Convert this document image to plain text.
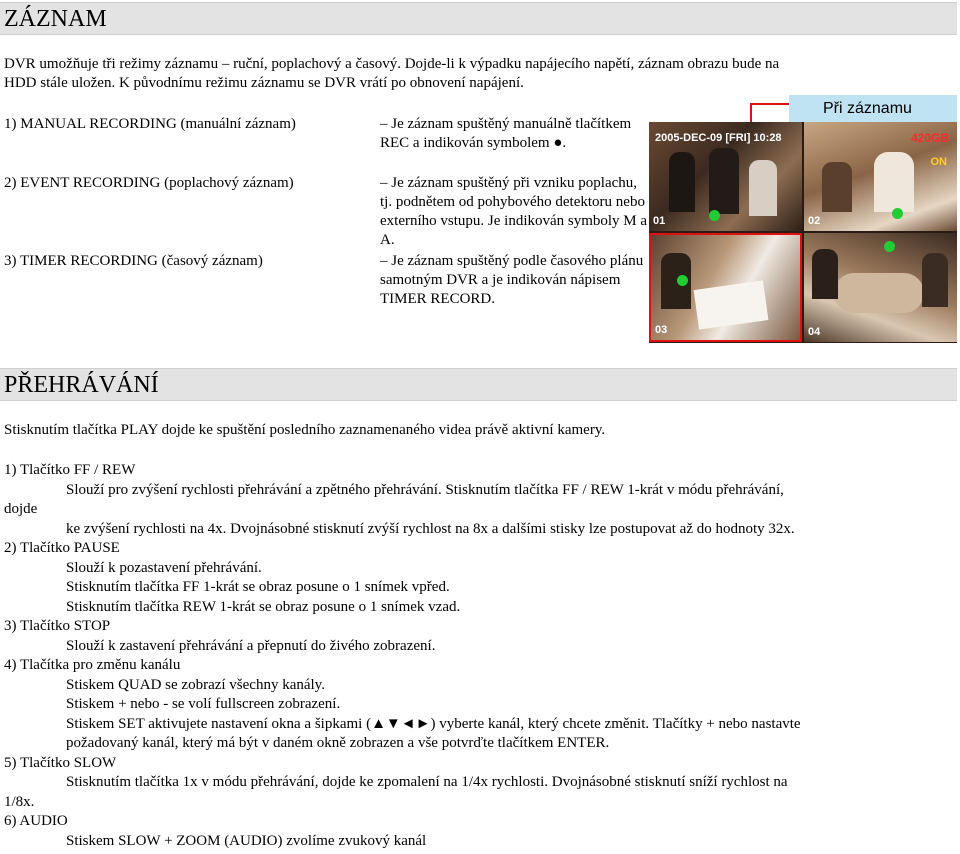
ZÁZNAM
DVR umožňuje tři režimy záznamu – ruční, poplachový a časový. Dojde-li k výpadku napájecího napětí, záznam obrazu bude na
HDD stále uložen. K původnímu režimu záznamu se DVR vrátí po obnovení napájení.
1) MANUAL RECORDING (manuální záznam)	– Je záznam spuštěný manuálně tlačítkem REC a indikován symbolem ●.
2) EVENT RECORDING (poplachový záznam)	– Je záznam spuštěný při vzniku poplachu, tj. podnětem od pohybového detektoru nebo externího vstupu. Je indikován symboly M a A.
3) TIMER RECORDING (časový záznam)	– Je záznam spuštěný podle časového plánu samotným DVR a je indikován nápisem TIMER RECORD.
Při záznamu
01	02
03	04
2005-DEC-09 [FRI] 10:28	420GB
ON
PŘEHRÁVÁNÍ
Stisknutím tlačítka PLAY dojde ke spuštění posledního zaznamenaného videa právě aktivní kamery.
1) Tlačítko FF / REW
Slouží pro zvýšení rychlosti přehrávání a zpětného přehrávání. Stisknutím tlačítka FF / REW 1-krát v módu přehrávání,
dojde
ke zvýšení rychlosti na 4x. Dvojnásobné stisknutí zvýší rychlost na 8x a dalšími stisky lze postupovat až do hodnoty 32x.
2) Tlačítko PAUSE
Slouží k pozastavení přehrávání.
Stisknutím tlačítka FF 1-krát se obraz posune o 1 snímek vpřed.
Stisknutím tlačítka REW 1-krát se obraz posune o 1 snímek vzad.
3) Tlačítko STOP
Slouží k zastavení přehrávání a přepnutí do živého zobrazení.
4) Tlačítka pro změnu kanálu
Stiskem QUAD se zobrazí všechny kanály.
Stiskem + nebo - se volí fullscreen zobrazení.
Stiskem SET aktivujete nastavení okna a šipkami (▲▼◄►) vyberte kanál, který chcete změnit. Tlačítky + nebo nastavte
požadovaný kanál, který má být v daném okně zobrazen a vše potvrďte tlačítkem ENTER.
5) Tlačítko SLOW
Stisknutím tlačítka 1x v módu přehrávání, dojde ke zpomalení na 1/4x rychlosti. Dvojnásobné stisknutí sníží rychlost na
1/8x.
6) AUDIO
Stiskem SLOW + ZOOM (AUDIO) zvolíme zvukový kanál
